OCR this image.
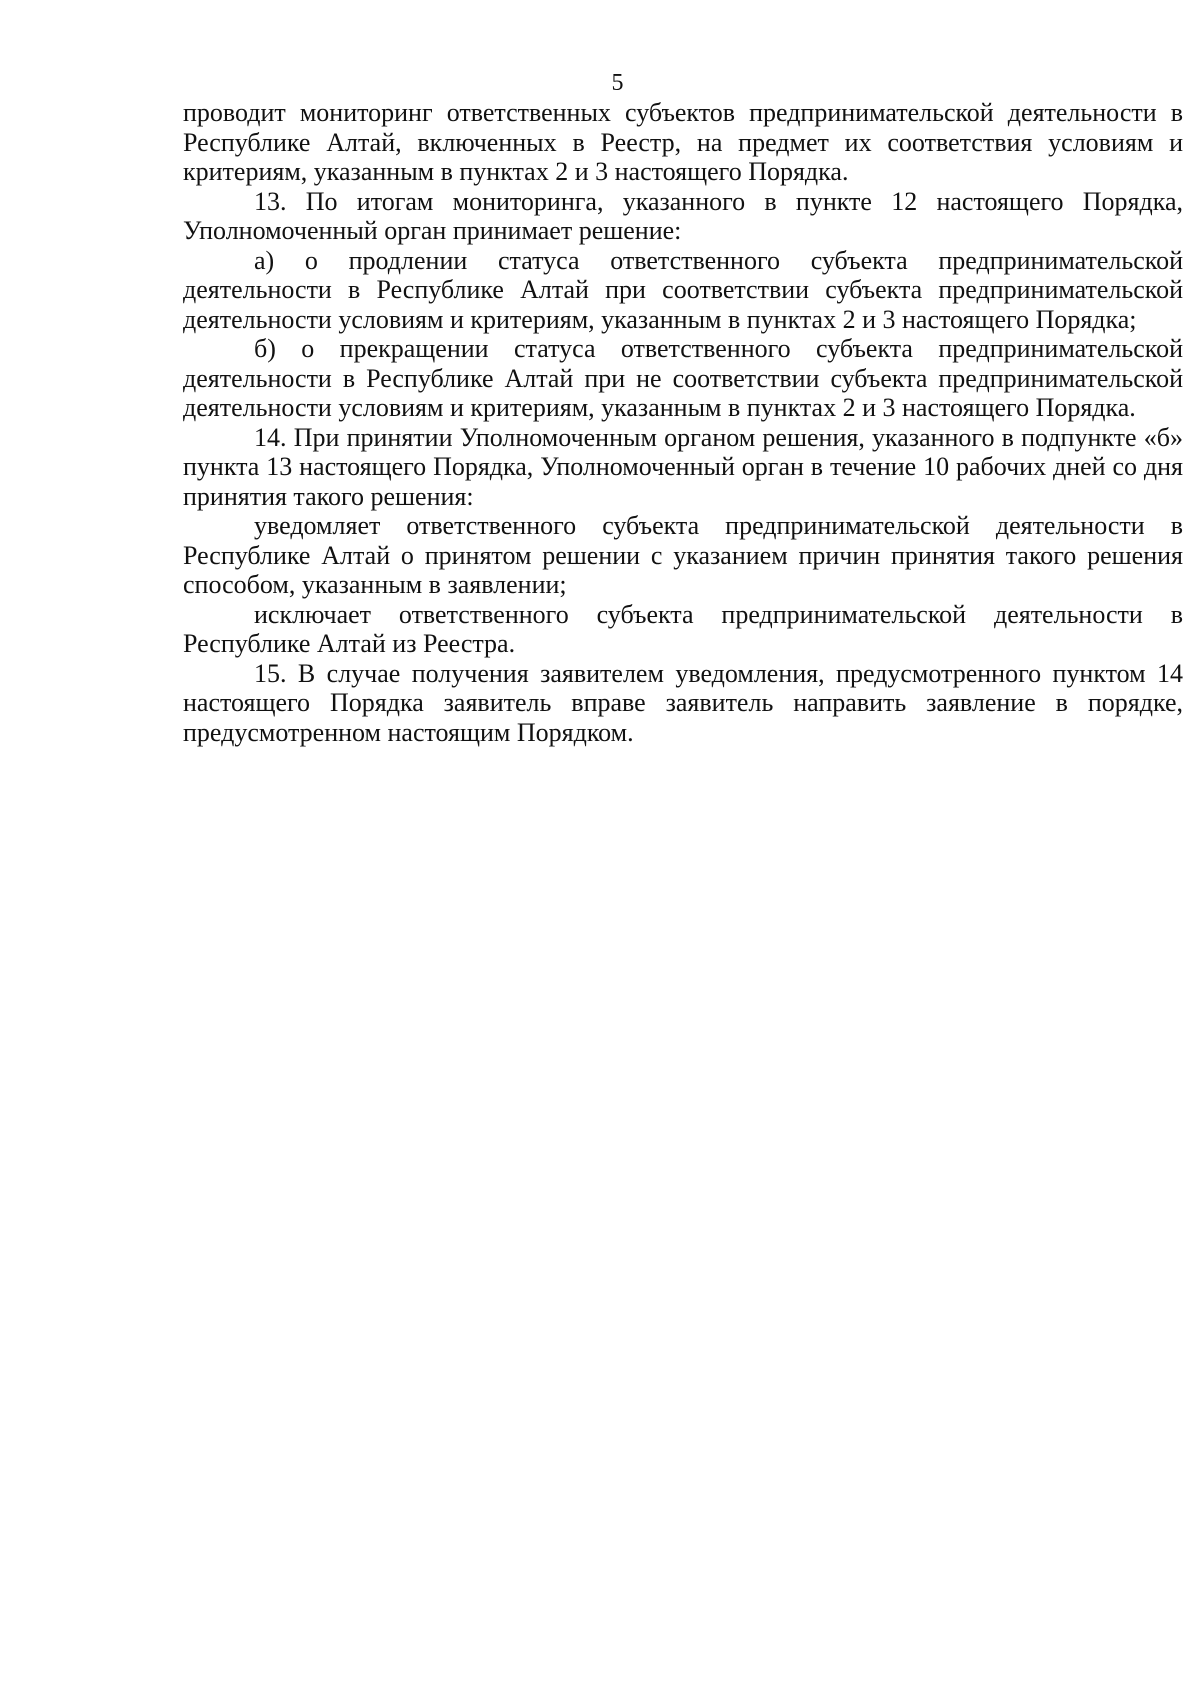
5

проводит мониторинг ответственных субъектов предпринимательской деятельности в Республике Алтай, включенных в Реестр, на предмет их соответствия условиям и критериям, указанным в пунктах 2 и 3 настоящего Порядка.

13. По итогам мониторинга, указанного в пункте 12 настоящего Порядка, Уполномоченный орган принимает решение:

а) о продлении статуса ответственного субъекта предпринимательской деятельности в Республике Алтай при соответствии субъекта предпринимательской деятельности условиям и критериям, указанным в пунктах 2 и 3 настоящего Порядка;

б) о прекращении статуса ответственного субъекта предпринимательской деятельности в Республике Алтай при не соответствии субъекта предпринимательской деятельности условиям и критериям, указанным в пунктах 2 и 3 настоящего Порядка.

14. При принятии Уполномоченным органом решения, указанного в подпункте «б» пункта 13 настоящего Порядка, Уполномоченный орган в течение 10 рабочих дней со дня принятия такого решения:

уведомляет ответственного субъекта предпринимательской деятельности в Республике Алтай о принятом решении с указанием причин принятия такого решения способом, указанным в заявлении;

исключает ответственного субъекта предпринимательской деятельности в Республике Алтай из Реестра.

15. В случае получения заявителем уведомления, предусмотренного пунктом 14 настоящего Порядка заявитель вправе заявитель направить заявление в порядке, предусмотренном настоящим Порядком.
